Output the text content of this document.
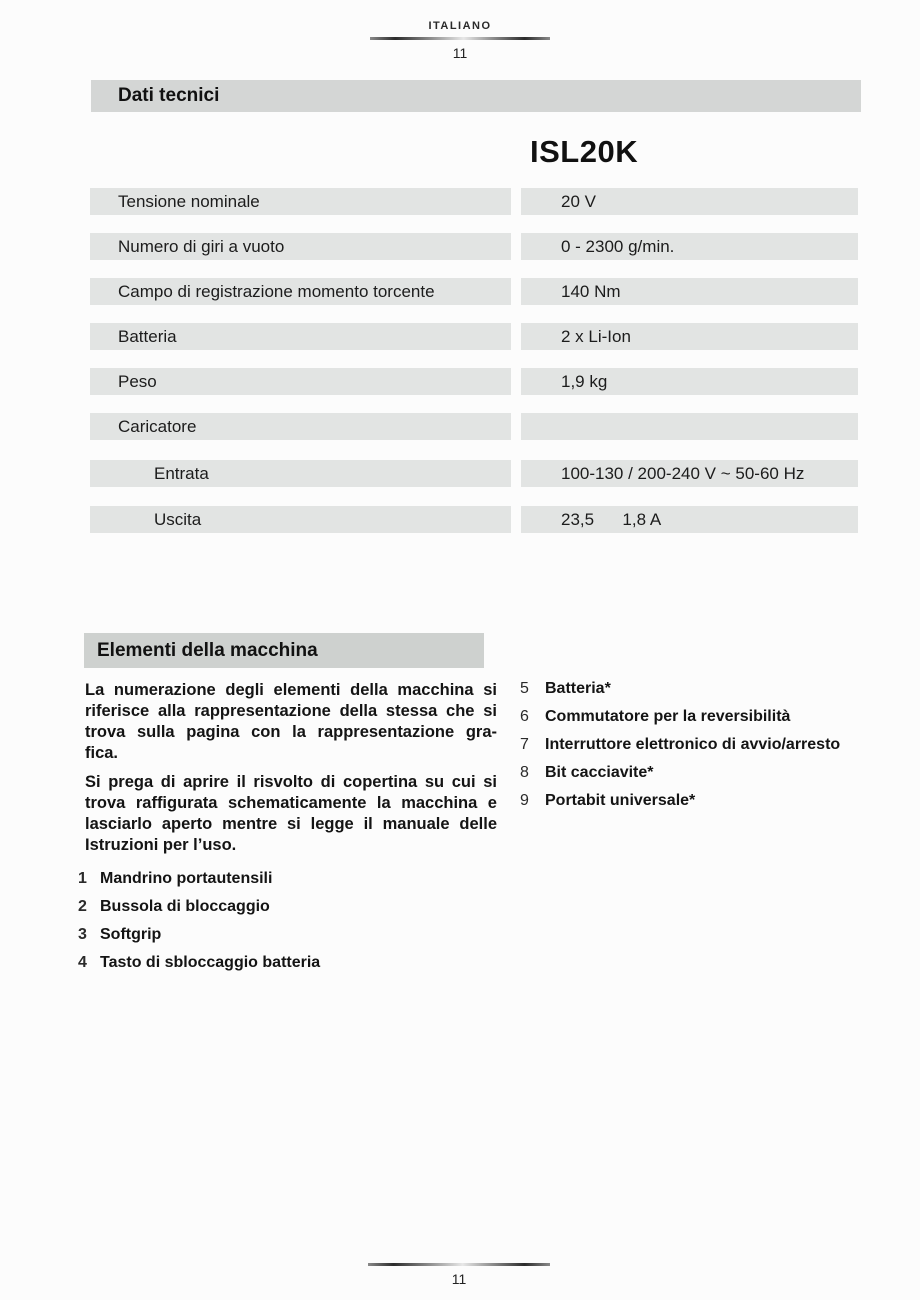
ITALIANO
11
Dati tecnici
ISL20K
Tensione nominale	20 V
Numero di giri a vuoto	0 - 2300 g/min.
Campo di registrazione momento torcente	140 Nm
Batteria	2 x Li-Ion
Peso	1,9 kg
Caricatore
Entrata	100-130 / 200-240 V ~ 50-60 Hz
Uscita	23,5      1,8 A
Elementi della macchina
La numerazione degli elementi della macchina si
riferisce alla rappresentazione della stessa che si
trova sulla pagina con la rappresentazione gra-
fica.
Si prega di aprire il risvolto di copertina su cui si
trova raffigurata schematicamente la macchina e
lasciarlo aperto mentre si legge il manuale delle
Istruzioni per l’uso.
1 Mandrino portautensili
2 Bussola di bloccaggio
3 Softgrip
4 Tasto di sbloccaggio batteria
5	Batteria*
6	Commutatore per la reversibilità
7	Interruttore elettronico di avvio/arresto
8	Bit cacciavite*
9	Portabit universale*
11
